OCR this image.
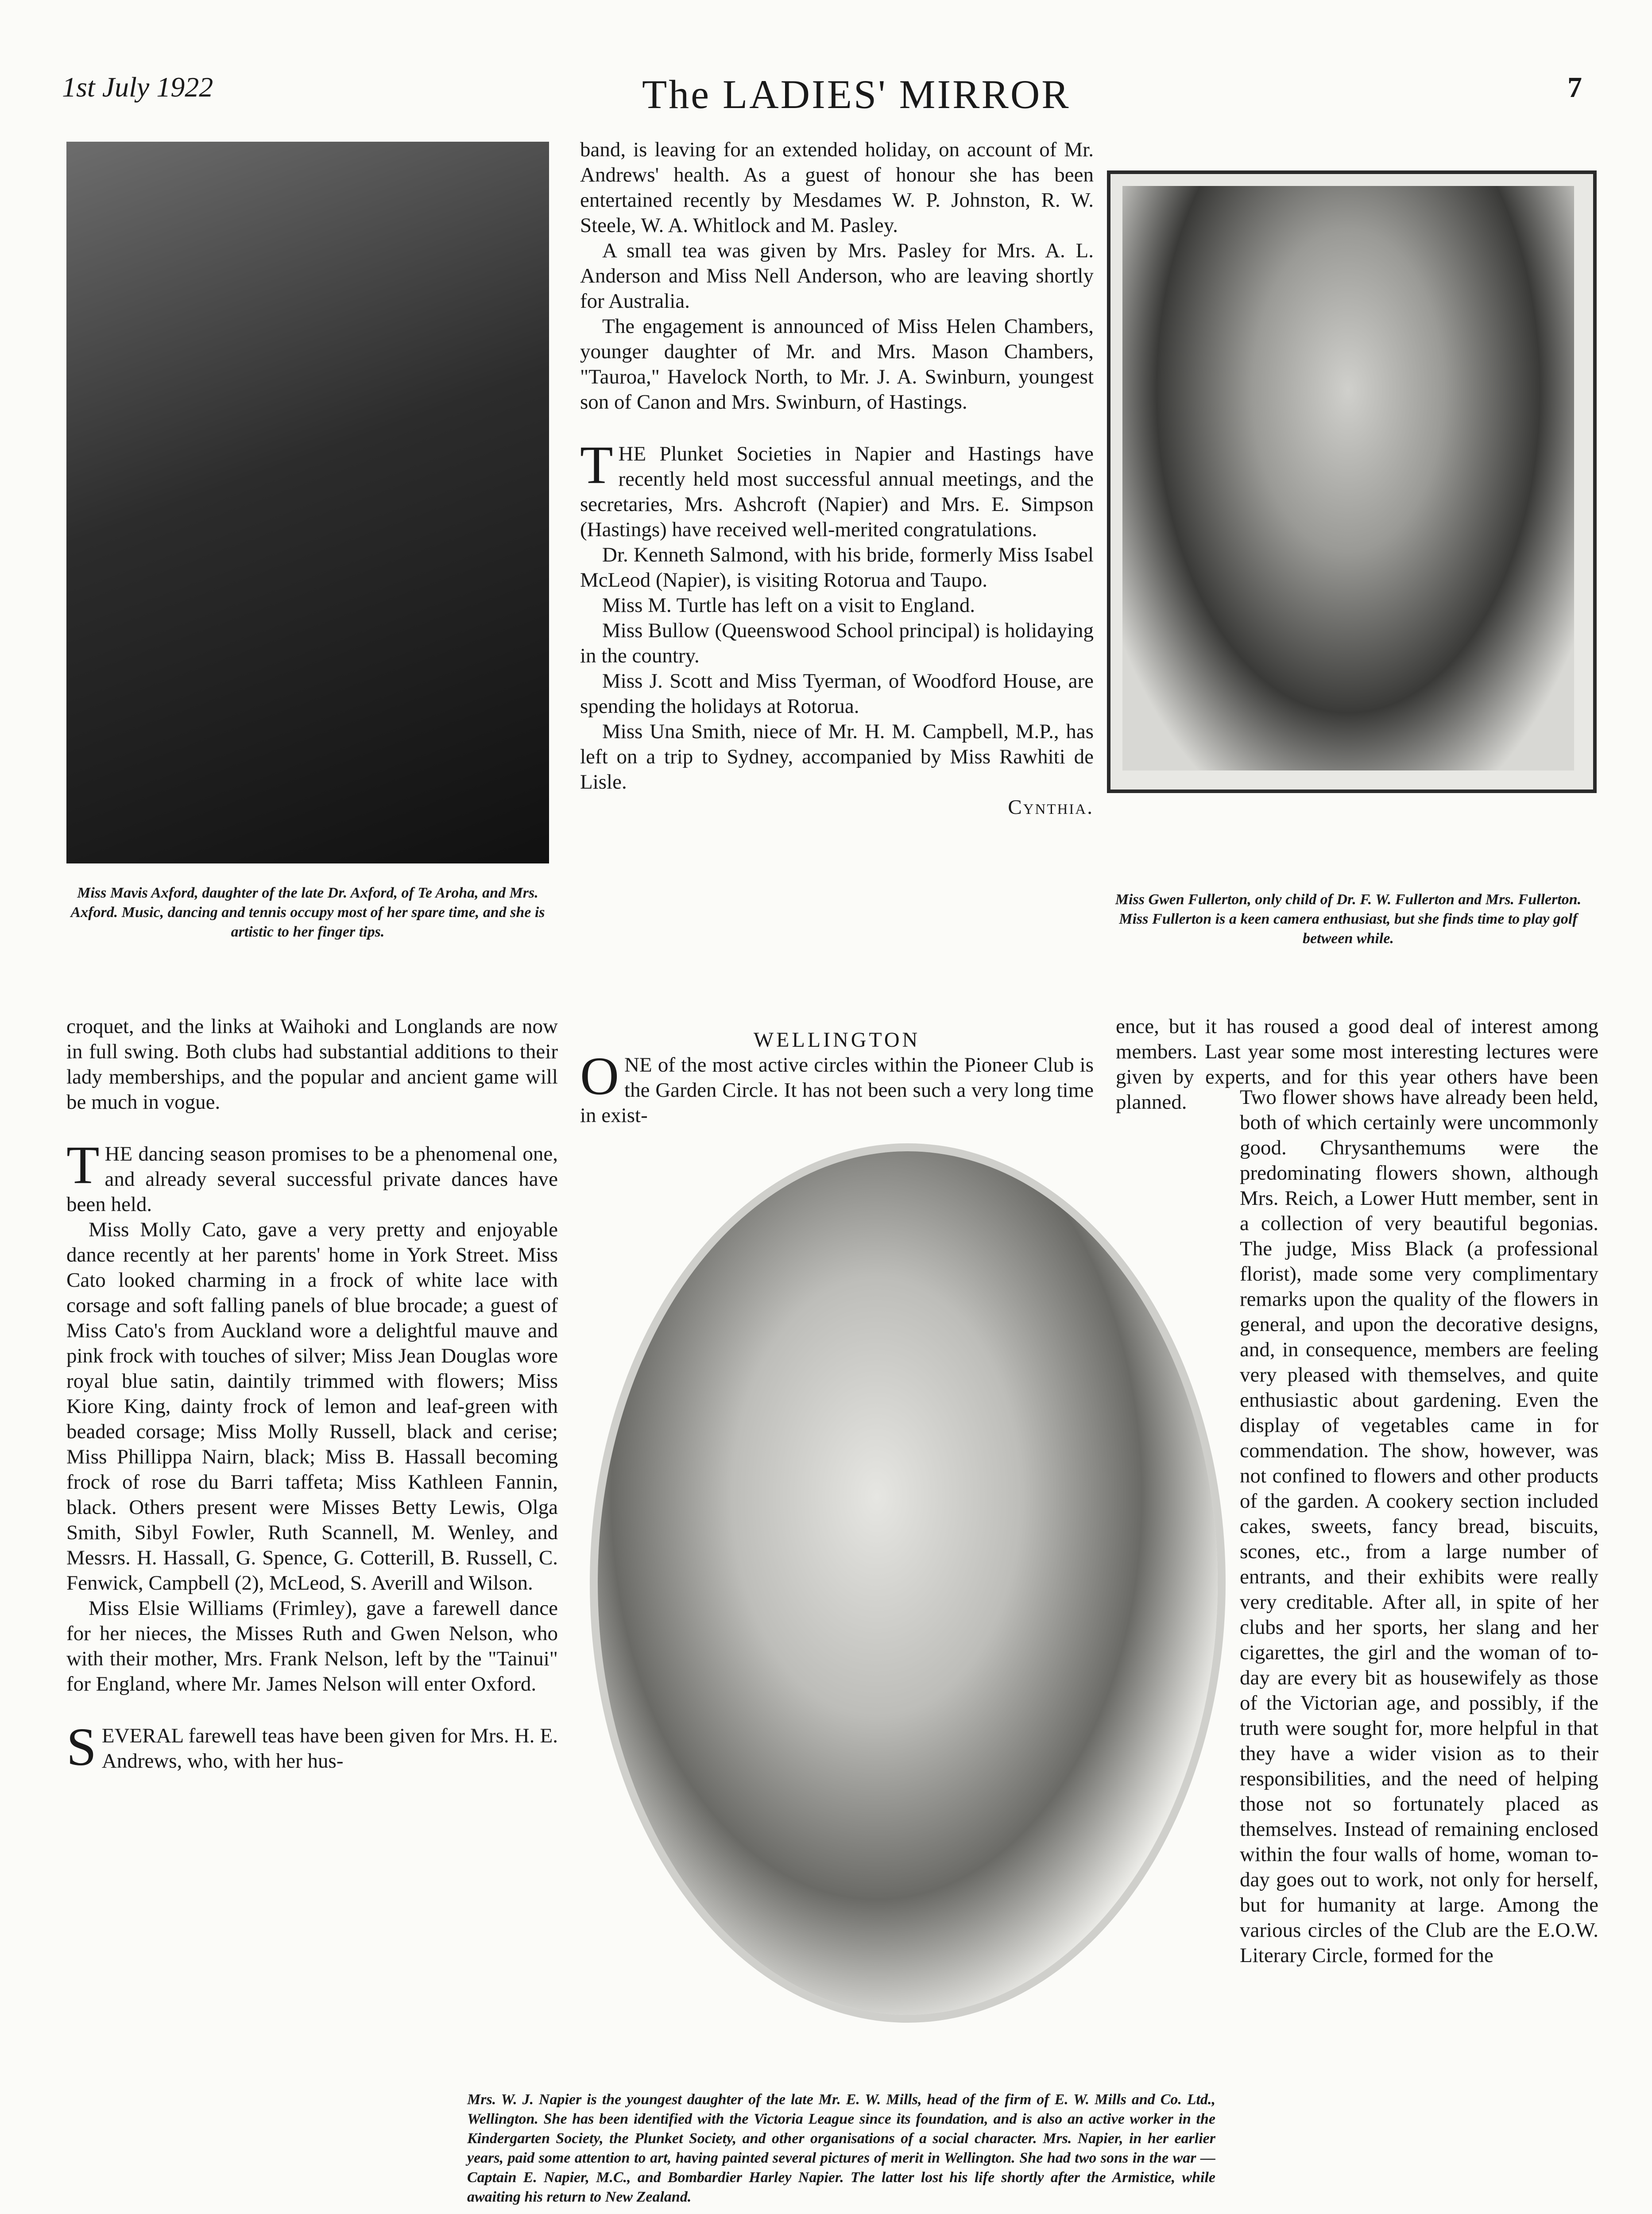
1st July 1922	The LADIES' MIRROR	7
Miss Mavis Axford, daughter of the late Dr. Axford, of Te Aroha, and Mrs. Axford. Music, dancing and tennis occupy most of her spare time, and she is artistic to her finger tips.
Miss Gwen Fullerton, only child of Dr. F. W. Fullerton and Mrs. Fullerton. Miss Fullerton is a keen camera enthusiast, but she finds time to play golf between while.

band, is leaving for an extended holiday, on account of Mr. Andrews' health. As a guest of honour she has been entertained recently by Mesdames W. P. Johnston, R. W. Steele, W. A. Whitlock and M. Pasley.

A small tea was given by Mrs. Pasley for Mrs. A. L. Anderson and Miss Nell Anderson, who are leaving shortly for Australia.

The engagement is announced of Miss Helen Chambers, younger daughter of Mr. and Mrs. Mason Chambers, "Tauroa," Havelock North, to Mr. J. A. Swinburn, youngest son of Canon and Mrs. Swinburn, of Hastings.

THE Plunket Societies in Napier and Hastings have recently held most successful annual meetings, and the secretaries, Mrs. Ashcroft (Napier) and Mrs. E. Simpson (Hastings) have received well-merited congratulations.

Dr. Kenneth Salmond, with his bride, formerly Miss Isabel McLeod (Napier), is visiting Rotorua and Taupo.

Miss M. Turtle has left on a visit to England.

Miss Bullow (Queenswood School principal) is holidaying in the country.

Miss J. Scott and Miss Tyerman, of Woodford House, are spending the holidays at Rotorua.

Miss Una Smith, niece of Mr. H. M. Campbell, M.P., has left on a trip to Sydney, accompanied by Miss Rawhiti de Lisle.

Cynthia.

croquet, and the links at Waihoki and Longlands are now in full swing. Both clubs had substantial additions to their lady memberships, and the popular and ancient game will be much in vogue.

THE dancing season promises to be a phenomenal one, and already several successful private dances have been held.

Miss Molly Cato, gave a very pretty and enjoyable dance recently at her parents' home in York Street. Miss Cato looked charming in a frock of white lace with corsage and soft falling panels of blue brocade; a guest of Miss Cato's from Auckland wore a delightful mauve and pink frock with touches of silver; Miss Jean Douglas wore royal blue satin, daintily trimmed with flowers; Miss Kiore King, dainty frock of lemon and leaf-green with beaded corsage; Miss Molly Russell, black and cerise; Miss Phillippa Nairn, black; Miss B. Hassall becoming frock of rose du Barri taffeta; Miss Kathleen Fannin, black. Others present were Misses Betty Lewis, Olga Smith, Sibyl Fowler, Ruth Scannell, M. Wenley, and Messrs. H. Hassall, G. Spence, G. Cotterill, B. Russell, C. Fenwick, Campbell (2), McLeod, S. Averill and Wilson.

Miss Elsie Williams (Frimley), gave a farewell dance for her nieces, the Misses Ruth and Gwen Nelson, who with their mother, Mrs. Frank Nelson, left by the "Tainui" for England, where Mr. James Nelson will enter Oxford.

SEVERAL farewell teas have been given for Mrs. H. E. Andrews, who, with her hus-

WELLINGTON

ONE of the most active circles within the Pioneer Club is the Garden Circle. It has not been such a very long time in exist-

Mrs. W. J. Napier is the youngest daughter of the late Mr. E. W. Mills, head of the firm of E. W. Mills and Co. Ltd., Wellington. She has been identified with the Victoria League since its foundation, and is also an active worker in the Kindergarten Society, the Plunket Society, and other organisations of a social character. Mrs. Napier, in her earlier years, paid some attention to art, having painted several pictures of merit in Wellington. She had two sons in the war —Captain E. Napier, M.C., and Bombardier Harley Napier. The latter lost his life shortly after the Armistice, while awaiting his return to New Zealand.

ence, but it has roused a good deal of interest among members. Last year some most interesting lectures were given by experts, and for this year others have been planned.	Two flower shows have already been held, both of which certainly were uncommonly good. Chrysanthemums were the predominating flowers shown, although Mrs. Reich, a Lower Hutt member, sent in a collection of very beautiful begonias. The judge, Miss Black (a professional florist), made some very complimentary remarks upon the quality of the flowers in general, and upon the decorative designs, and, in consequence, members are feeling very pleased with themselves, and quite enthusiastic about gardening. Even the display of vegetables came in for commendation. The show, however, was not confined to flowers and other products of the garden. A cookery section included cakes, sweets, fancy bread, biscuits, scones, etc., from a large number of entrants, and their exhibits were really very creditable. After all, in spite of her clubs and her sports, her slang and her cigarettes, the girl and the woman of to-day are every bit as housewifely as those of the Victorian age, and possibly, if the truth were sought for, more helpful in that they have a wider vision as to their responsibilities, and the need of helping those not so fortunately placed as themselves. Instead of remaining enclosed within the four walls of home, woman to-day goes out to work, not only for herself, but for humanity at large. Among the various circles of the Club are the E.O.W. Literary Circle, formed for the
